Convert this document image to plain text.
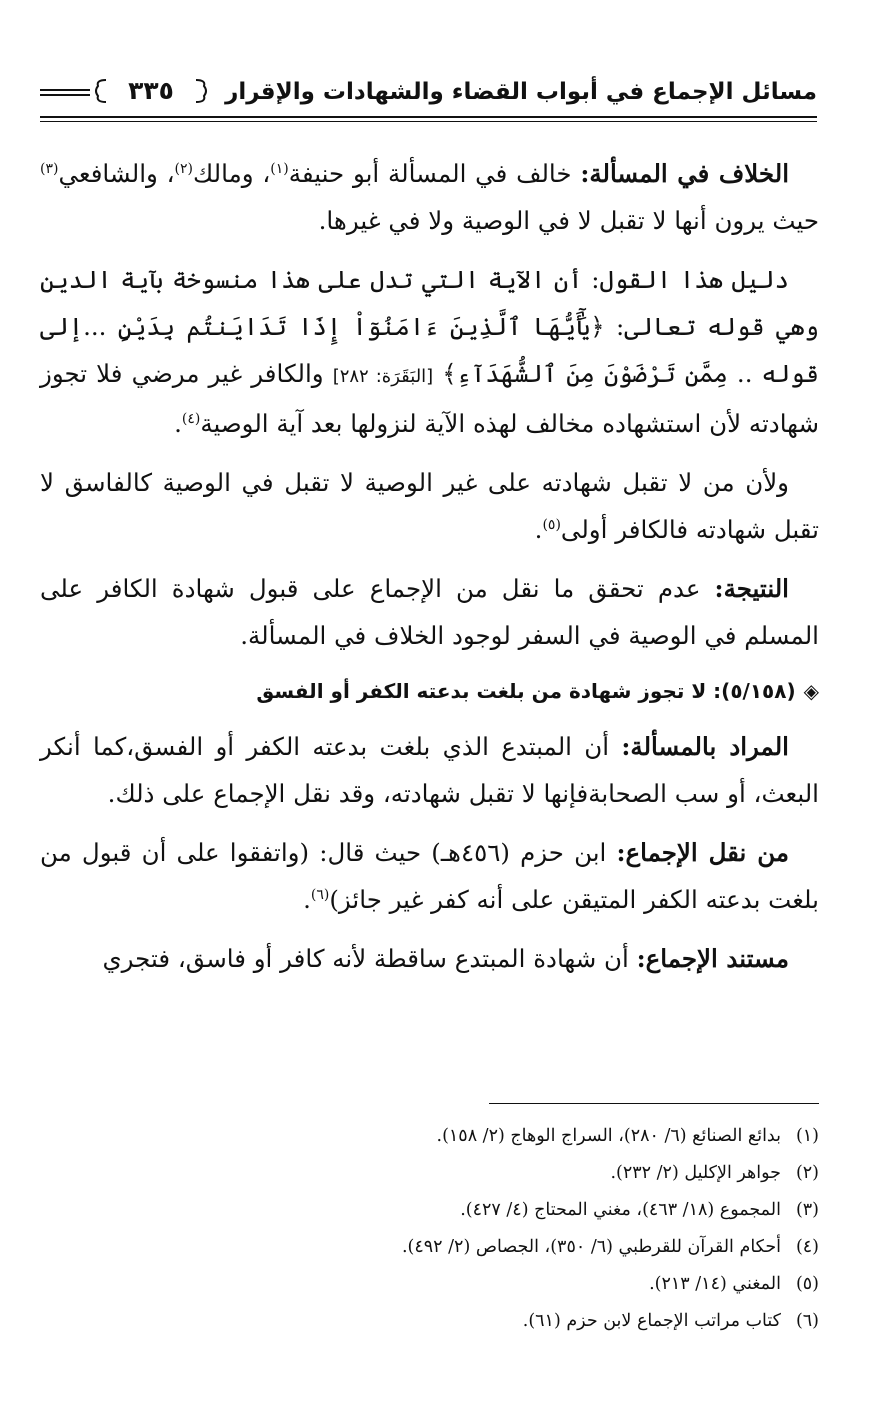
مسائل الإجماع في أبواب القضاء والشهادات والإقرار
٣٣٥

الخلاف في المسألة: خالف في المسألة أبو حنيفة$^{(١)}$، ومالك$^{(٢)}$، والشافعي$^{(٣)}$ حيث يرون أنها لا تقبل لا في الوصية ولا في غيرها.

دليل هذا القول: أن الآية التي تدل على هذا منسوخة بآية الدين وهي قوله تعالى: ﴿يَٰٓأَيُّهَا ٱلَّذِينَ ءَامَنُوٓاْ إِذَا تَدَايَنتُم بِدَيْنٍ ...إلى قوله .. مِمَّن تَرْضَوْنَ مِنَ ٱلشُّهَدَآءِ﴾ [البَقَرَة: ٢٨٢] والكافر غير مرضي فلا تجوز شهادته لأن استشهاده مخالف لهذه الآية لنزولها بعد آية الوصية$^{(٤)}$.

ولأن من لا تقبل شهادته على غير الوصية لا تقبل في الوصية كالفاسق لا تقبل شهادته فالكافر أولى$^{(٥)}$.

النتيجة: عدم تحقق ما نقل من الإجماع على قبول شهادة الكافر على المسلم في الوصية في السفر لوجود الخلاف في المسألة.

◈(٥/١٥٨): لا تجوز شهادة من بلغت بدعته الكفر أو الفسق

المراد بالمسألة: أن المبتدع الذي بلغت بدعته الكفر أو الفسق،كما أنكر البعث، أو سب الصحابةفإنها لا تقبل شهادته، وقد نقل الإجماع على ذلك.

من نقل الإجماع: ابن حزم (٤٥٦هـ) حيث قال: (واتفقوا على أن قبول من بلغت بدعته الكفر المتيقن على أنه كفر غير جائز)$^{(٦)}$.

مستند الإجماع: أن شهادة المبتدع ساقطة لأنه كافر أو فاسق، فتجري

(١)بدائع الصنائع (٦/ ٢٨٠)، السراج الوهاج (٢/ ١٥٨).

(٢)جواهر الإكليل (٢/ ٢٣٢).

(٣)المجموع (١٨/ ٤٦٣)، مغني المحتاج (٤/ ٤٢٧).

(٤)أحكام القرآن للقرطبي (٦/ ٣٥٠)، الجصاص (٢/ ٤٩٢).

(٥)المغني (١٤/ ٢١٣).

(٦)كتاب مراتب الإجماع لابن حزم (٦١).
